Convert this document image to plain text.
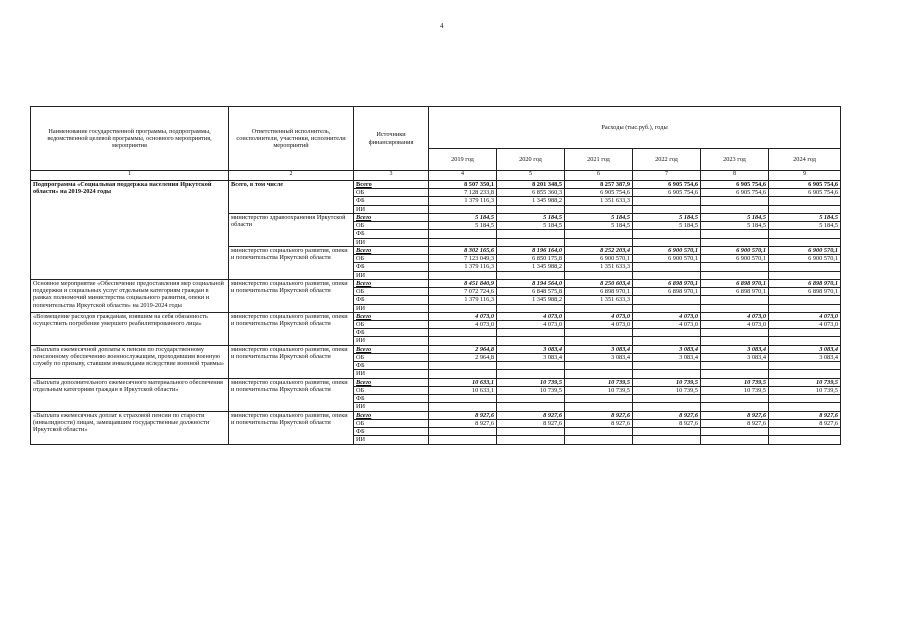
4
Наименование государственной программы, подпрограммы, ведомственной целевой программы, основного мероприятия, мероприятия	Ответственный исполнитель, соисполнители, участники, исполнители мероприятий	Источники финансирования	Расходы (тыс.руб.), годы					
			2019 год	2020 год	2021 год	2022 год	2023 год	2024 год
1	2	3	4	5	6	7	8	9
Подпрограмма «Социальная поддержка населения Иркутской области» на 2019-2024 годы	Всего, в том числе	Всего	8 507 350,1	8 201 348,5	8 257 387,9	6 905 754,6	6 905 754,6	6 905 754,6
		ОБ	7 128 233,8	6 855 360,3	6 905 754,6	6 905 754,6	6 905 754,6	6 905 754,6
		ФБ	1 379 116,3	1 345 988,2	1 351 633,3			
		ИИ						
	министерство здравоохранения Иркутской области	Всего	5 184,5	5 184,5	5 184,5	5 184,5	5 184,5	5 184,5
		ОБ	5 184,5	5 184,5	5 184,5	5 184,5	5 184,5	5 184,5
		ФБ						
		ИИ						
	министерство социального развития, опеки и попечительства Иркутской области	Всего	8 302 165,6	8 196 164,0	8 252 203,4	6 900 570,1	6 900 570,1	6 900 570,1
		ОБ	7 123 049,3	6 850 175,8	6 900 570,1	6 900 570,1	6 900 570,1	6 900 570,1
		ФБ	1 379 116,3	1 345 988,2	1 351 633,3			
		ИИ						
Основное мероприятие «Обеспечение предоставления мер социальной поддержки и социальных услуг отдельным категориям граждан в рамках полномочий министерства социального развития, опеки и попечительства Иркутской области» на 2019-2024 годы	министерство социального развития, опеки и попечительства Иркутской области	Всего	8 451 840,9	8 194 564,0	8 250 603,4	6 898 970,1	6 898 970,1	6 898 970,1
		ОБ	7 072 724,6	6 848 575,8	6 898 970,1	6 898 970,1	6 898 970,1	6 898 970,1
		ФБ	1 379 116,3	1 345 988,2	1 351 633,3			
		ИИ						
«Возмещение расходов гражданам, взявшим на себя обязанность осуществить погребение умершего реабилитированного лица»	министерство социального развития, опеки и попечительства Иркутской области	Всего	4 073,0	4 073,0	4 073,0	4 073,0	4 073,0	4 073,0
		ОБ	4 073,0	4 073,0	4 073,0	4 073,0	4 073,0	4 073,0
		ФБ						
		ИИ						
«Выплата ежемесячной доплаты к пенсии по государственному пенсионному обеспечению военнослужащим, проходившим военную службу по призыву, ставшим инвалидами вследствие военной травмы»	министерство социального развития, опеки и попечительства Иркутской области	Всего	2 964,8	3 083,4	3 083,4	3 083,4	3 083,4	3 083,4
		ОБ	2 964,8	3 083,4	3 083,4	3 083,4	3 083,4	3 083,4
		ФБ						
		ИИ						
«Выплата дополнительного ежемесячного материального обеспечения отдельным категориям граждан в Иркутской области»	министерство социального развития, опеки и попечительства Иркутской области	Всего	10 633,1	10 739,5	10 739,5	10 739,5	10 739,5	10 739,5
		ОБ	10 633,1	10 739,5	10 739,5	10 739,5	10 739,5	10 739,5
		ФБ						
		ИИ						
«Выплата ежемесячных доплат к страховой пенсии по старости (инвалидности) лицам, замещавшим государственные должности Иркутской области»	министерство социального развития, опеки и попечительства Иркутской области	Всего	8 927,6	8 927,6	8 927,6	8 927,6	8 927,6	8 927,6
		ОБ	8 927,6	8 927,6	8 927,6	8 927,6	8 927,6	8 927,6
		ФБ						
		ИИ						
